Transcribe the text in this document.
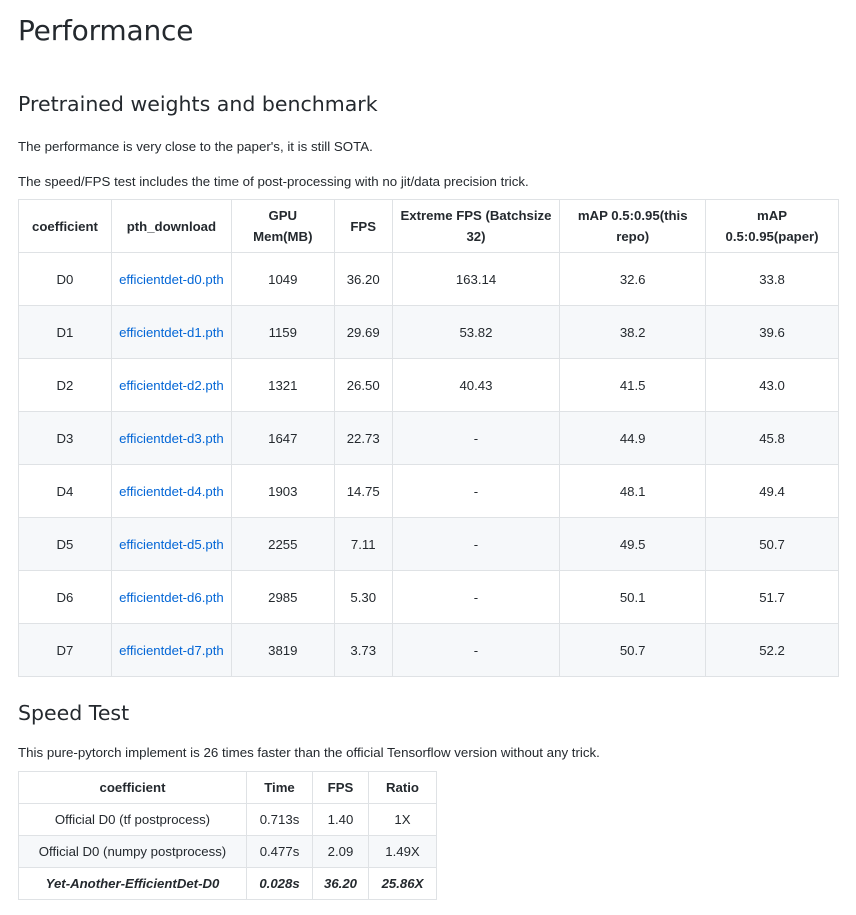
Performance
Pretrained weights and benchmark

The performance is very close to the paper's, it is still SOTA.

The speed/FPS test includes the time of post-processing with no jit/data precision trick.

coefficient	pth_download	GPU Mem(MB)	FPS	Extreme FPS (Batchsize 32)	mAP 0.5:0.95(this repo)	mAP 0.5:0.95(paper)
D0	efficientdet-d0.pth	1049	36.20	163.14	32.6	33.8
D1	efficientdet-d1.pth	1159	29.69	53.82	38.2	39.6
D2	efficientdet-d2.pth	1321	26.50	40.43	41.5	43.0
D3	efficientdet-d3.pth	1647	22.73	-	44.9	45.8
D4	efficientdet-d4.pth	1903	14.75	-	48.1	49.4
D5	efficientdet-d5.pth	2255	7.11	-	49.5	50.7
D6	efficientdet-d6.pth	2985	5.30	-	50.1	51.7
D7	efficientdet-d7.pth	3819	3.73	-	50.7	52.2
Speed Test

This pure-pytorch implement is 26 times faster than the official Tensorflow version without any trick.

coefficient	Time	FPS	Ratio
Official D0 (tf postprocess)	0.713s	1.40	1X
Official D0 (numpy postprocess)	0.477s	2.09	1.49X
Yet-Another-EfficientDet-D0	0.028s	36.20	25.86X
